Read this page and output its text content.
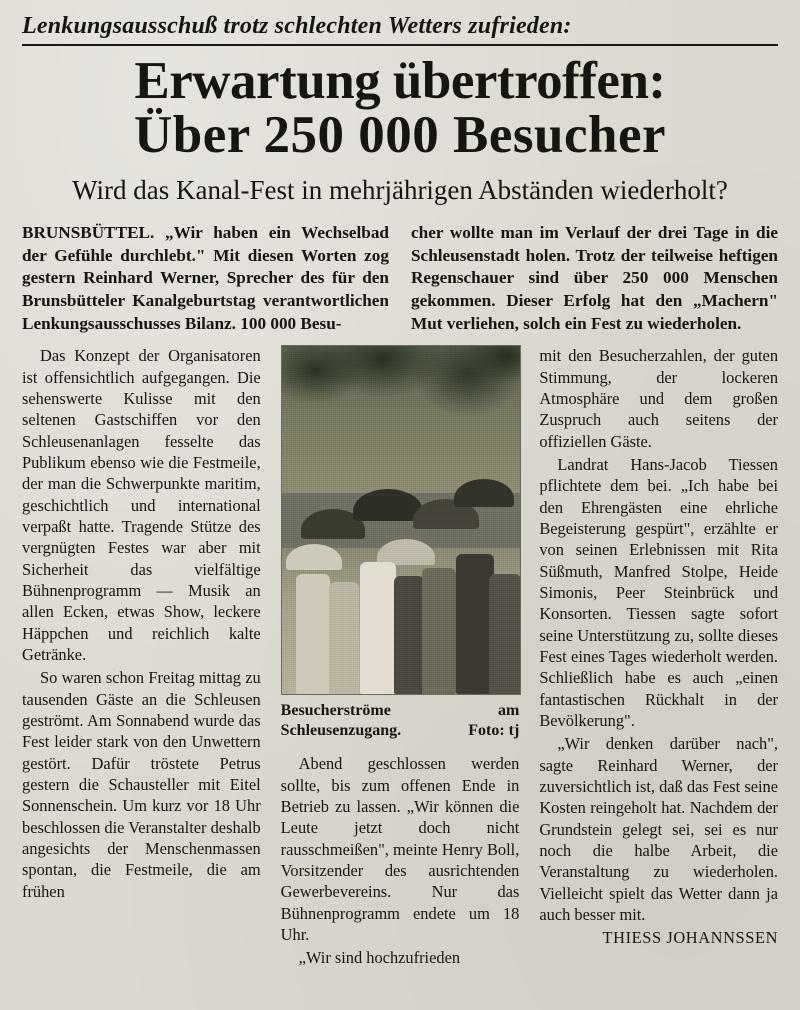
Lenkungsausschuß trotz schlechten Wetters zufrieden:
Erwartung übertroffen:
Über 250 000 Besucher
Wird das Kanal-Fest in mehrjährigen Abständen wiederholt?
BRUNSBÜTTEL. „Wir haben ein Wechselbad der Gefühle durchlebt." Mit diesen Worten zog gestern Reinhard Werner, Sprecher des für den Brunsbütteler Kanalgeburtstag verantwortlichen Lenkungsausschusses Bilanz. 100 000 Besu-
cher wollte man im Verlauf der drei Tage in die Schleusenstadt holen. Trotz der teilweise heftigen Regenschauer sind über 250 000 Menschen gekommen. Dieser Erfolg hat den „Machern" Mut verliehen, solch ein Fest zu wiederholen.

Das Konzept der Organisatoren ist offensichtlich aufgegangen. Die sehenswerte Kulisse mit den seltenen Gastschiffen vor den Schleusenanlagen fesselte das Publikum ebenso wie die Festmeile, der man die Schwerpunkte maritim, geschichtlich und international verpaßt hatte. Tragende Stütze des vergnügten Festes war aber mit Sicherheit das vielfältige Bühnenprogramm — Musik an allen Ecken, etwas Show, leckere Häppchen und reichlich kalte Getränke.

So waren schon Freitag mittag zu tausenden Gäste an die Schleusen geströmt. Am Sonnabend wurde das Fest leider stark von den Unwettern gestört. Dafür tröstete Petrus gestern die Schausteller mit Eitel Sonnenschein. Um kurz vor 18 Uhr beschlossen die Veranstalter deshalb angesichts der Menschenmassen spontan, die Festmeile, die am frühen

Besucherströme	am
Schleusenzugang.	Foto: tj

Abend geschlossen werden sollte, bis zum offenen Ende in Betrieb zu lassen. „Wir können die Leute jetzt doch nicht rausschmeißen", meinte Henry Boll, Vorsitzender des ausrichtenden Gewerbevereins. Nur das Bühnenprogramm endete um 18 Uhr.

„Wir sind hochzufrieden

mit den Besucherzahlen, der guten Stimmung, der lockeren Atmosphäre und dem großen Zuspruch auch seitens der offiziellen Gäste.

Landrat Hans-Jacob Tiessen pflichtete dem bei. „Ich habe bei den Ehrengästen eine ehrliche Begeisterung gespürt", erzählte er von seinen Erlebnissen mit Rita Süßmuth, Manfred Stolpe, Heide Simonis, Peer Steinbrück und Konsorten. Tiessen sagte sofort seine Unterstützung zu, sollte dieses Fest eines Tages wiederholt werden. Schließlich habe es auch „einen fantastischen Rückhalt in der Bevölkerung".

„Wir denken darüber nach", sagte Reinhard Werner, der zuversichtlich ist, daß das Fest seine Kosten reingeholt hat. Nachdem der Grundstein gelegt sei, sei es nur noch die halbe Arbeit, die Veranstaltung zu wiederholen. Vielleicht spielt das Wetter dann ja auch besser mit.

THIESS JOHANNSSEN
